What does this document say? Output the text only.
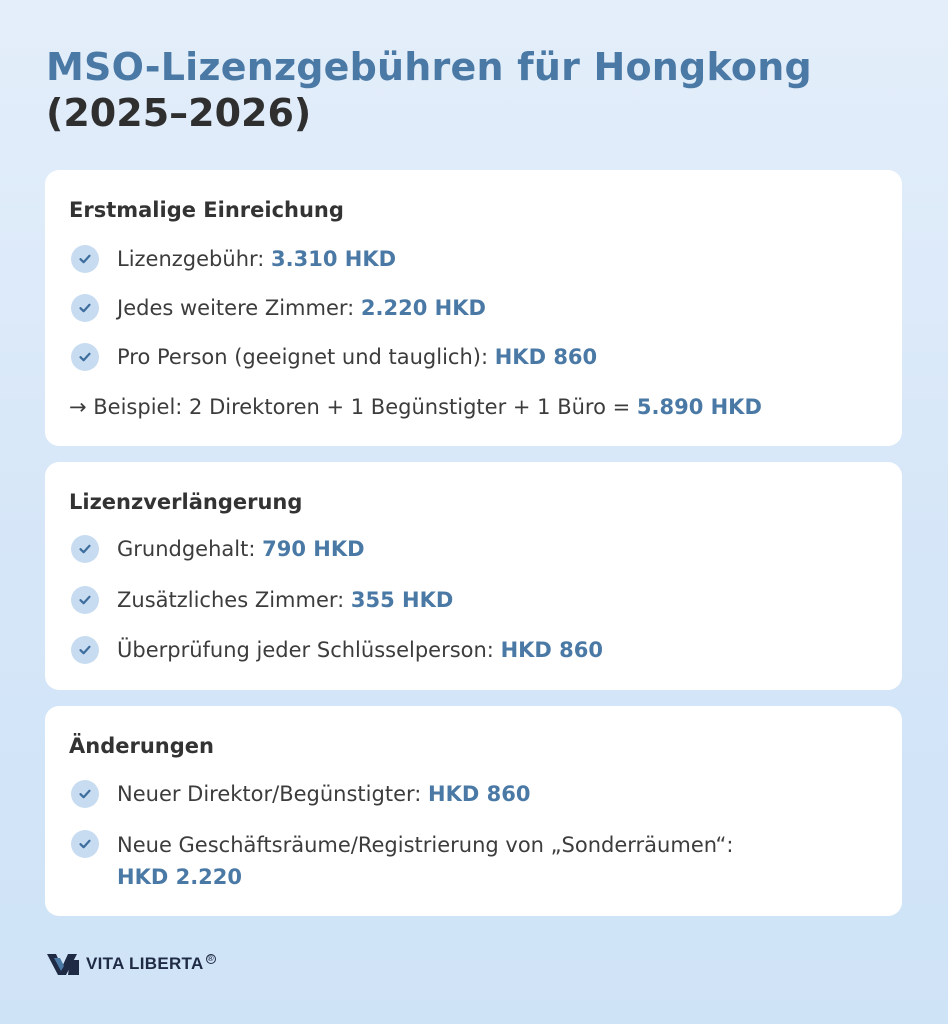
MSO-Lizenzgebühren für Hongkong
(2025–2026)
Erstmalige Einreichung
Lizenzgebühr: 3.310 HKD
Jedes weitere Zimmer: 2.220 HKD
Pro Person (geeignet und tauglich): HKD 860
→ Beispiel: 2 Direktoren + 1 Begünstigter + 1 Büro = 5.890 HKD
Lizenzverlängerung
Grundgehalt: 790 HKD
Zusätzliches Zimmer: 355 HKD
Überprüfung jeder Schlüsselperson: HKD 860
Änderungen
Neuer Direktor/Begünstigter: HKD 860
Neue Geschäftsräume/Registrierung von „Sonderräumen“:
HKD 2.220
VITA LIBERTA ®
